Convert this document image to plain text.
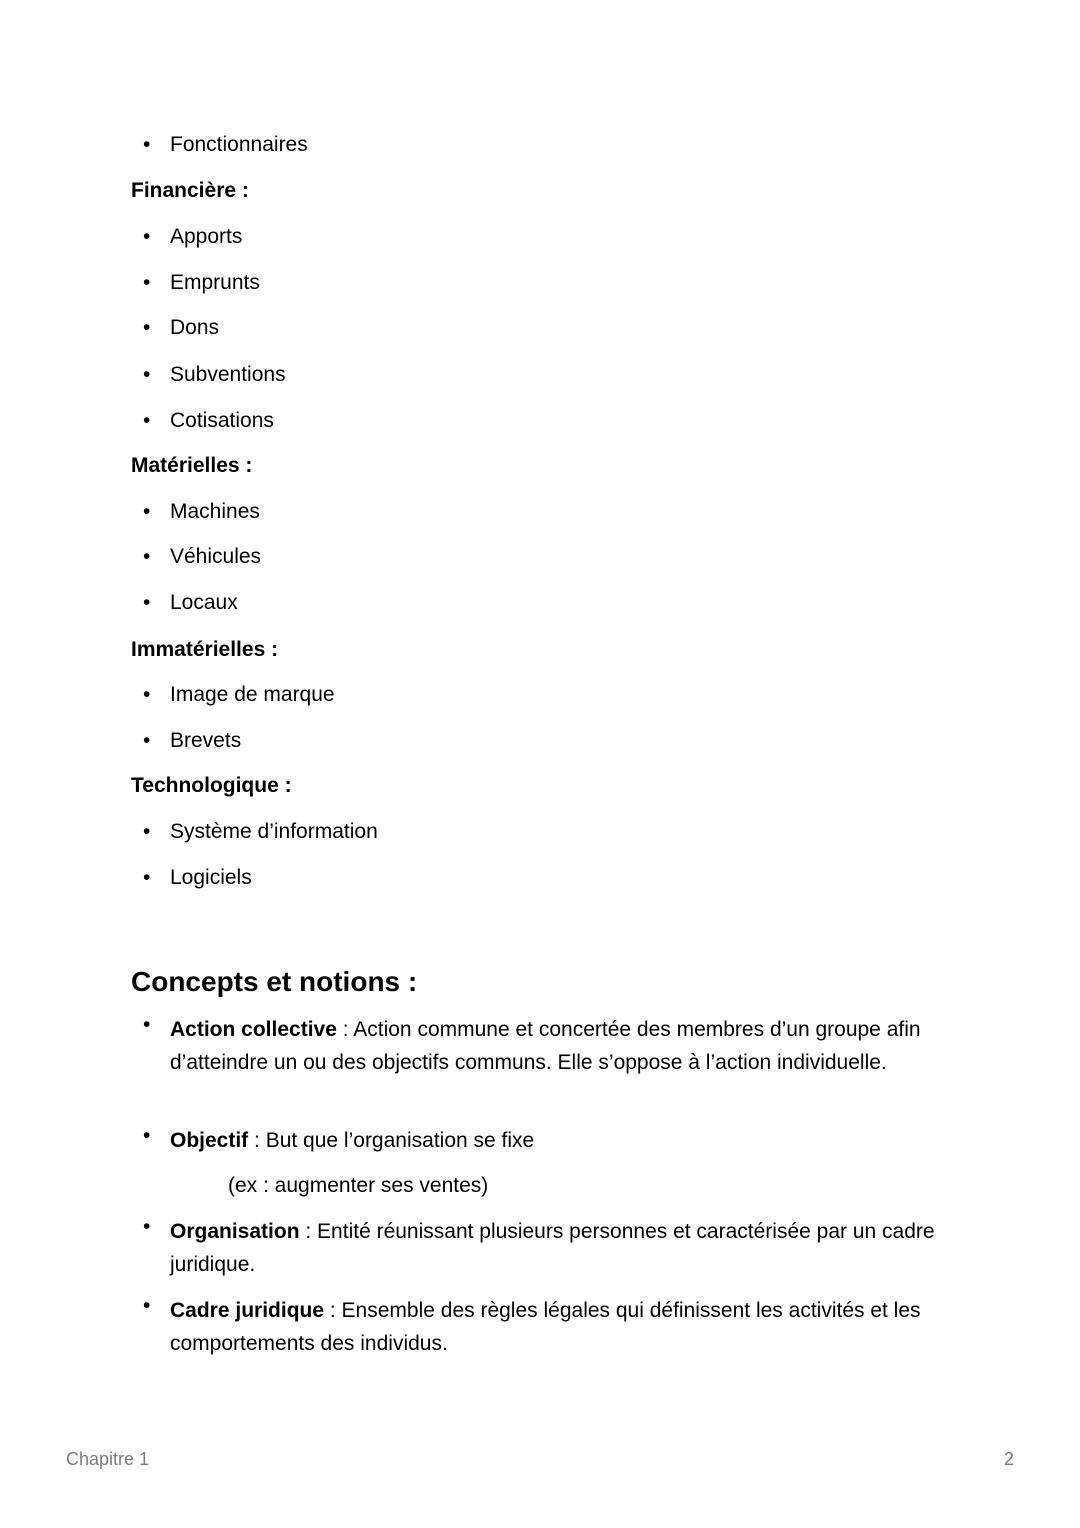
• Fonctionnaires
Financière :
• Apports
• Emprunts
• Dons
• Subventions
• Cotisations
Matérielles :
• Machines
• Véhicules
• Locaux
Immatérielles :
• Image de marque
• Brevets
Technologique :
• Système d’information
• Logiciels
Concepts et notions :
• Action collective : Action commune et concertée des membres d’un groupe afin d’atteindre un ou des objectifs communs. Elle s’oppose à l’action individuelle.
• Objectif : But que l’organisation se fixe
(ex : augmenter ses ventes)
• Organisation : Entité réunissant plusieurs personnes et caractérisée par un cadre juridique.
• Cadre juridique : Ensemble des règles légales qui définissent les activités et les comportements des individus.
Chapitre 1	2
